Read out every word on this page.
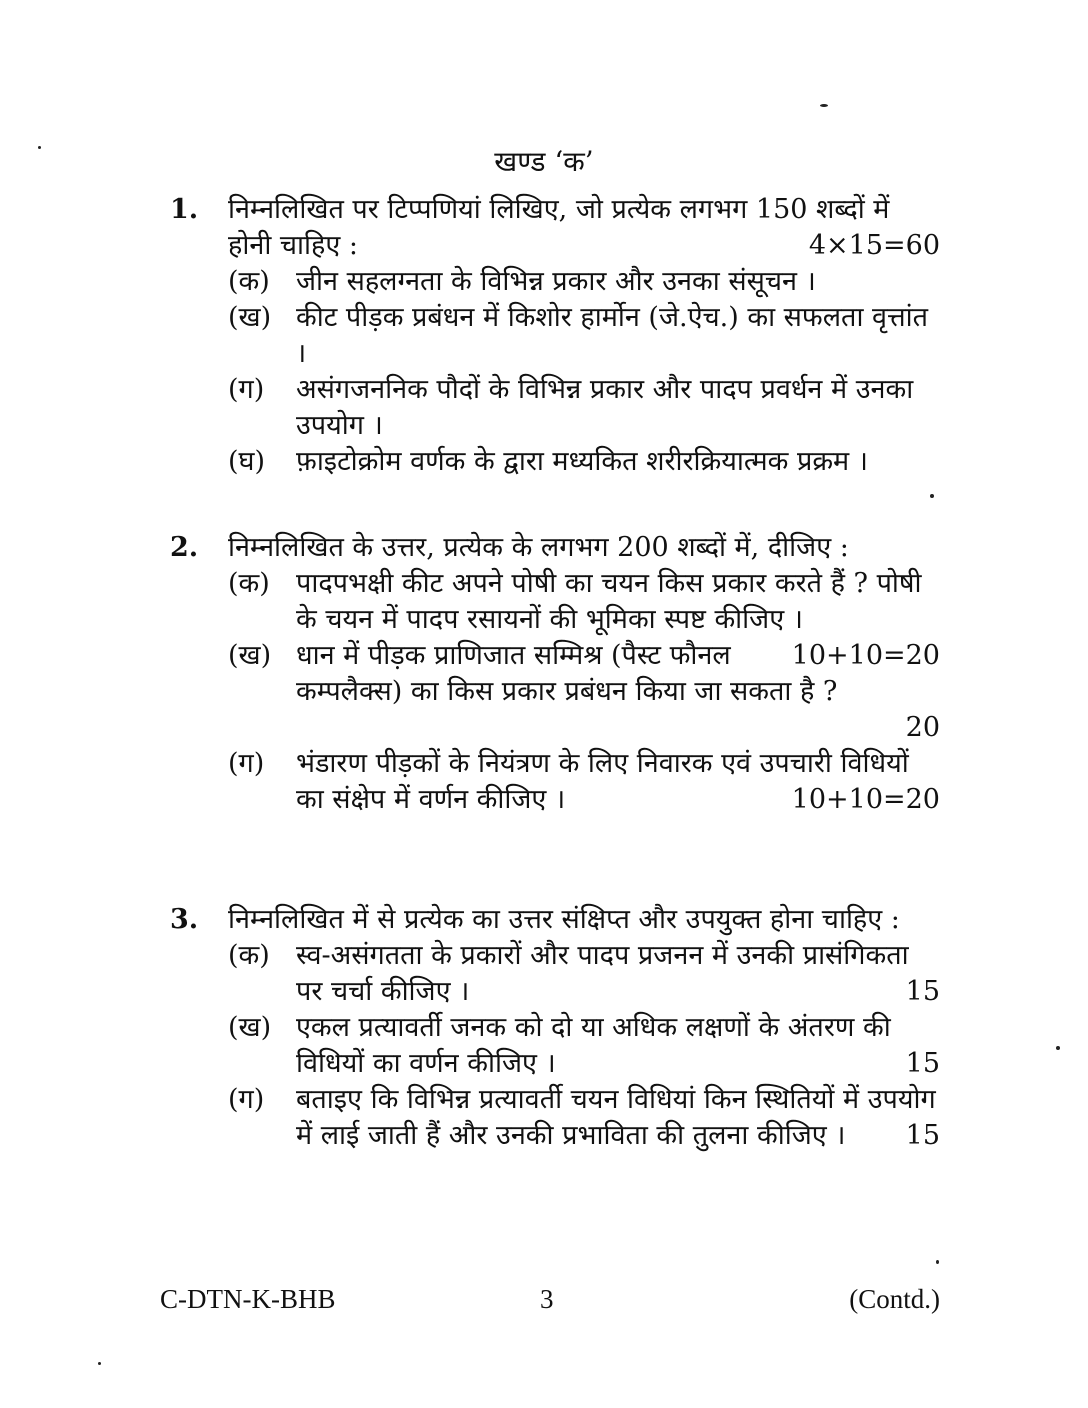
खण्ड ‘क’
1.	निम्नलिखित पर टिप्पणियां लिखिए, जो प्रत्येक लगभग 150 शब्दों में होनी चाहिए :	4×15=60
(क) जीन सहलग्नता के विभिन्न प्रकार और उनका संसूचन ।
(ख) कीट पीड़क प्रबंधन में किशोर हार्मोन (जे.ऐच.) का सफलता वृत्तांत ।
(ग)	असंगजननिक पौदों के विभिन्न प्रकार और पादप प्रवर्धन में उनका उपयोग ।
(घ)	फ़ाइटोक्रोम वर्णक के द्वारा मध्यकित शरीरक्रियात्मक प्रक्रम ।
2.	निम्नलिखित के उत्तर, प्रत्येक के लगभग 200 शब्दों में, दीजिए :
(क) पादपभक्षी कीट अपने पोषी का चयन किस प्रकार करते हैं ? पोषी के चयन में पादप रसायनों की भूमिका स्पष्ट कीजिए ।
10+10=20
(ख) धान में पीड़क प्राणिजात सम्मिश्र (पैस्ट फौनल कम्पलैक्स) का किस प्रकार प्रबंधन किया जा सकता है ?
20
(ग)	भंडारण पीड़कों के नियंत्रण के लिए निवारक एवं उपचारी विधियों का संक्षेप में वर्णन कीजिए ।	10+10=20
3.	निम्नलिखित में से प्रत्येक का उत्तर संक्षिप्त और उपयुक्त होना चाहिए :
(क) स्व-असंगतता के प्रकारों और पादप प्रजनन में उनकी प्रासंगिकता पर चर्चा कीजिए ।	15
(ख) एकल प्रत्यावर्ती जनक को दो या अधिक लक्षणों के अंतरण की विधियों का वर्णन कीजिए ।	15
(ग)	बताइए कि विभिन्न प्रत्यावर्ती चयन विधियां किन स्थितियों में उपयोग में लाई जाती हैं और उनकी प्रभाविता की तुलना कीजिए । 15
C-DTN-K-BHB	3	(Contd.)
